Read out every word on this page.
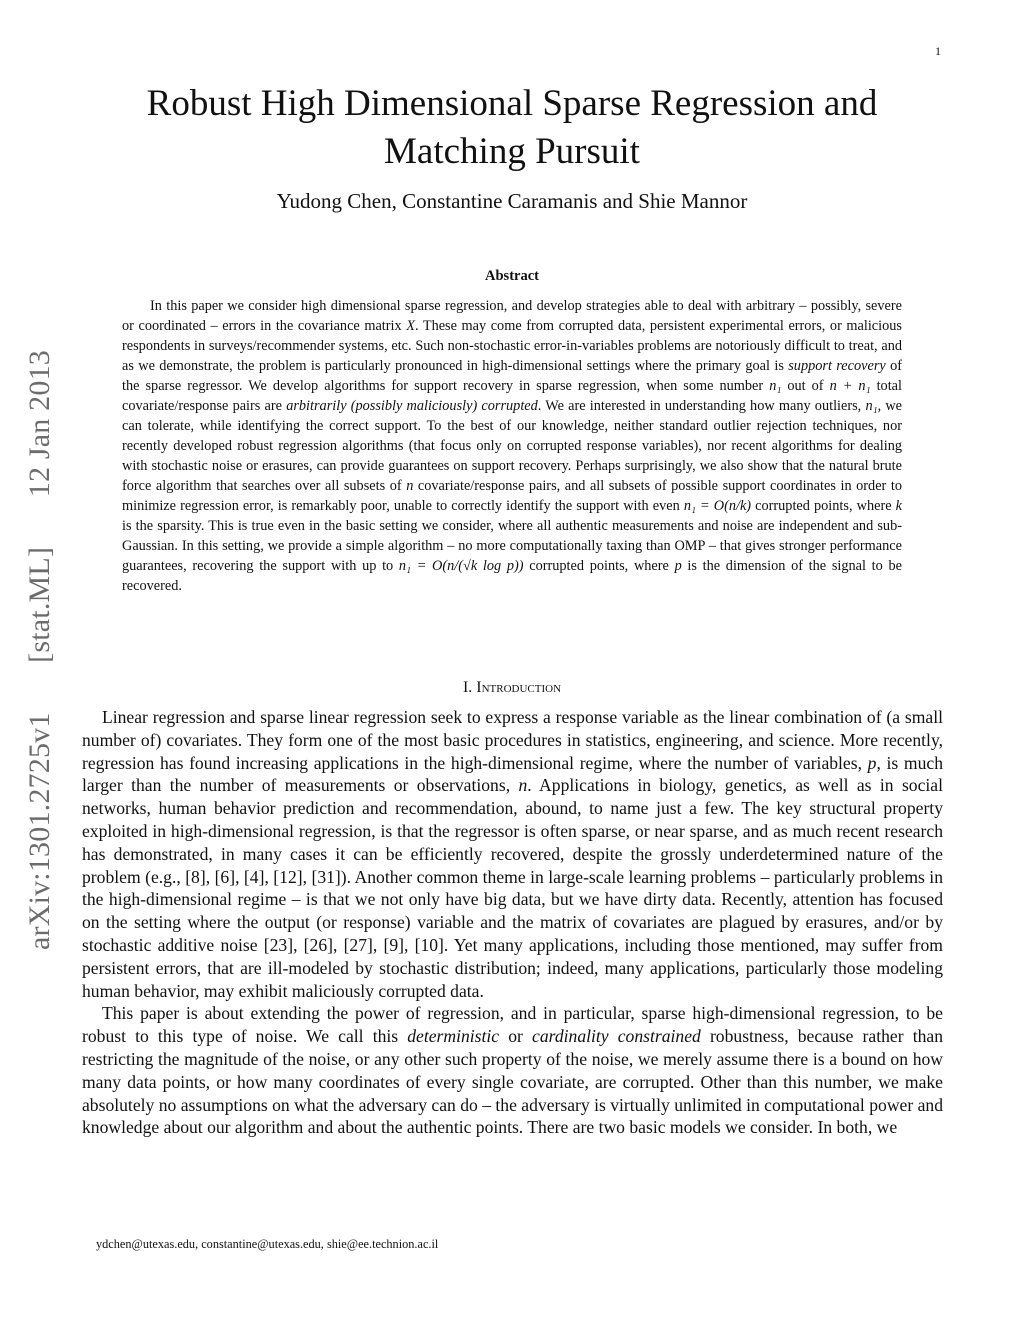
1
arXiv:1301.2725v1
[stat.ML]
12 Jan 2013
Robust High Dimensional Sparse Regression and Matching Pursuit
Yudong Chen, Constantine Caramanis and Shie Mannor
Abstract

In this paper we consider high dimensional sparse regression, and develop strategies able to deal with arbitrary – possibly, severe or coordinated – errors in the covariance matrix X. These may come from corrupted data, persistent experimental errors, or malicious respondents in surveys/recommender systems, etc. Such non-stochastic error-in-variables problems are notoriously difficult to treat, and as we demonstrate, the problem is particularly pronounced in high-dimensional settings where the primary goal is support recovery of the sparse regressor. We develop algorithms for support recovery in sparse regression, when some number n₁ out of n + n₁ total covariate/response pairs are arbitrarily (possibly maliciously) corrupted. We are interested in understanding how many outliers, n₁, we can tolerate, while identifying the correct support. To the best of our knowledge, neither standard outlier rejection techniques, nor recently developed robust regression algorithms (that focus only on corrupted response variables), nor recent algorithms for dealing with stochastic noise or erasures, can provide guarantees on support recovery. Perhaps surprisingly, we also show that the natural brute force algorithm that searches over all subsets of n covariate/response pairs, and all subsets of possible support coordinates in order to minimize regression error, is remarkably poor, unable to correctly identify the support with even n₁ = O(n/k) corrupted points, where k is the sparsity. This is true even in the basic setting we consider, where all authentic measurements and noise are independent and sub-Gaussian. In this setting, we provide a simple algorithm – no more computationally taxing than OMP – that gives stronger performance guarantees, recovering the support with up to n₁ = O(n/(√k log p)) corrupted points, where p is the dimension of the signal to be recovered.

I. Introduction

Linear regression and sparse linear regression seek to express a response variable as the linear combination of (a small number of) covariates. They form one of the most basic procedures in statistics, engineering, and science. More recently, regression has found increasing applications in the high-dimensional regime, where the number of variables, p, is much larger than the number of measurements or observations, n. Applications in biology, genetics, as well as in social networks, human behavior prediction and recommendation, abound, to name just a few. The key structural property exploited in high-dimensional regression, is that the regressor is often sparse, or near sparse, and as much recent research has demonstrated, in many cases it can be efficiently recovered, despite the grossly underdetermined nature of the problem (e.g., [8], [6], [4], [12], [31]). Another common theme in large-scale learning problems – particularly problems in the high-dimensional regime – is that we not only have big data, but we have dirty data. Recently, attention has focused on the setting where the output (or response) variable and the matrix of covariates are plagued by erasures, and/or by stochastic additive noise [23], [26], [27], [9], [10]. Yet many applications, including those mentioned, may suffer from persistent errors, that are ill-modeled by stochastic distribution; indeed, many applications, particularly those modeling human behavior, may exhibit maliciously corrupted data.

This paper is about extending the power of regression, and in particular, sparse high-dimensional regression, to be robust to this type of noise. We call this deterministic or cardinality constrained robustness, because rather than restricting the magnitude of the noise, or any other such property of the noise, we merely assume there is a bound on how many data points, or how many coordinates of every single covariate, are corrupted. Other than this number, we make absolutely no assumptions on what the adversary can do – the adversary is virtually unlimited in computational power and knowledge about our algorithm and about the authentic points. There are two basic models we consider. In both, we

ydchen@utexas.edu, constantine@utexas.edu, shie@ee.technion.ac.il
